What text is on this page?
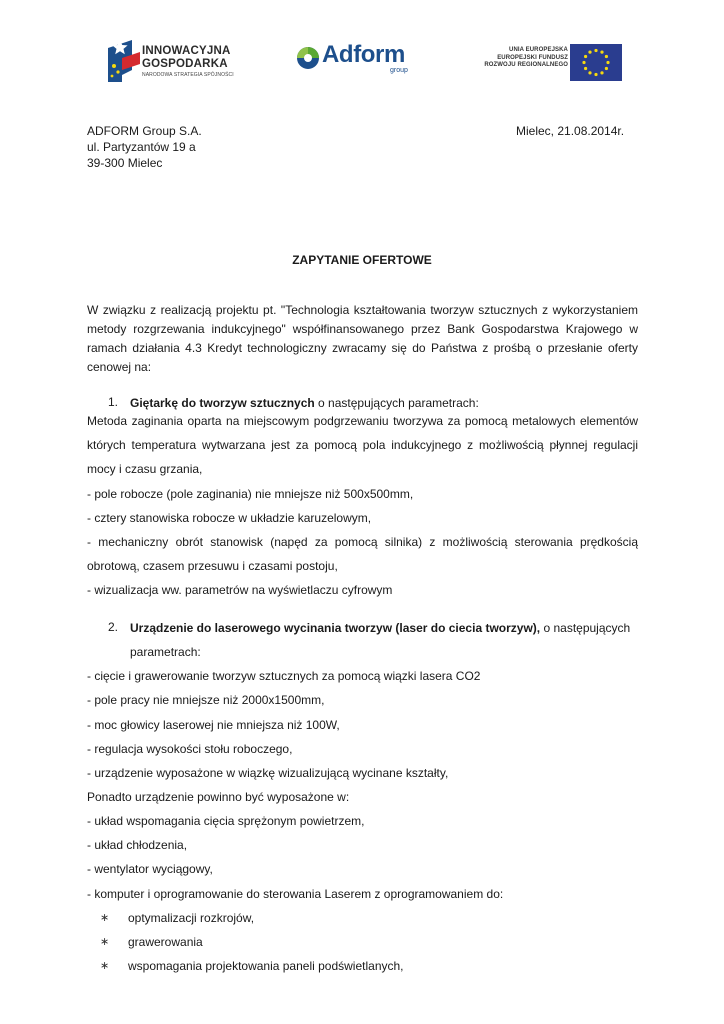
INNOWACYJNA
GOSPODARKA
NARODOWA STRATEGIA SPÓJNOŚCI
Adform
group
UNIA EUROPEJSKA
EUROPEJSKI FUNDUSZ
ROZWOJU REGIONALNEGO
ADFORM Group S.A.
ul. Partyzantów 19 a
39-300 Mielec
Mielec, 21.08.2014r.
ZAPYTANIE OFERTOWE
W związku z realizacją projektu pt. "Technologia kształtowania tworzyw sztucznych z wykorzystaniem
metody rozgrzewania indukcyjnego" współfinansowanego przez Bank Gospodarstwa Krajowego w
ramach działania 4.3 Kredyt technologiczny zwracamy się do Państwa z prośbą o przesłanie oferty
cenowej na:
1. Giętarkę do tworzyw sztucznych o następujących parametrach:
Metoda zaginania oparta na miejscowym podgrzewaniu tworzywa za pomocą metalowych elementów
których temperatura wytwarzana jest za pomocą pola indukcyjnego z możliwością płynnej regulacji
mocy i czasu grzania,
- pole robocze (pole zaginania) nie mniejsze niż 500x500mm,
- cztery stanowiska robocze w układzie karuzelowym,
- mechaniczny obrót stanowisk (napęd za pomocą silnika) z możliwością sterowania prędkością
obrotową, czasem przesuwu i czasami postoju,
- wizualizacja ww. parametrów na wyświetlaczu cyfrowym
2. Urządzenie do laserowego wycinania tworzyw (laser do ciecia tworzyw), o następujących
parametrach:
- cięcie i grawerowanie tworzyw sztucznych za pomocą wiązki lasera CO2
- pole pracy nie mniejsze niż 2000x1500mm,
- moc głowicy laserowej nie mniejsza niż 100W,
- regulacja wysokości stołu roboczego,
- urządzenie wyposażone w wiązkę wizualizującą wycinane kształty,
Ponadto urządzenie powinno być wyposażone w:
- układ wspomagania cięcia sprężonym powietrzem,
- układ chłodzenia,
- wentylator wyciągowy,
- komputer i oprogramowanie do sterowania Laserem z oprogramowaniem do:
∗ optymalizacji rozkrojów,
∗ grawerowania
∗ wspomagania projektowania paneli podświetlanych,
